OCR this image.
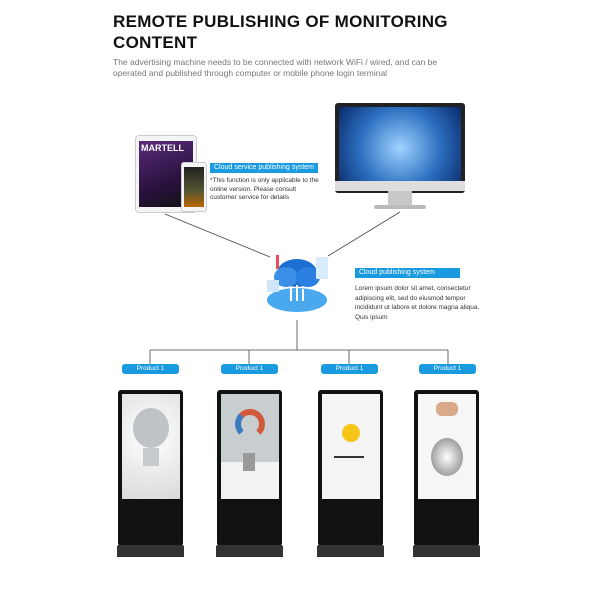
REMOTE PUBLISHING OF MONITORING CONTENT
The advertising machine needs to be connected with network WiFi / wired, and can be operated and published through computer or mobile phone login terminal
MARTELL
Cloud service publishing system
*This function is only applicable to the online version. Please consult customer service for details
Cloud publishing system
Lorem ipsum dolor sit amet, consectetur adipiscing elit, sed do eiusmod tempor incididunt ut labore et dolore magna aliqua. Quis ipsum
Product 1	Product 1	Product 1	Product 1
